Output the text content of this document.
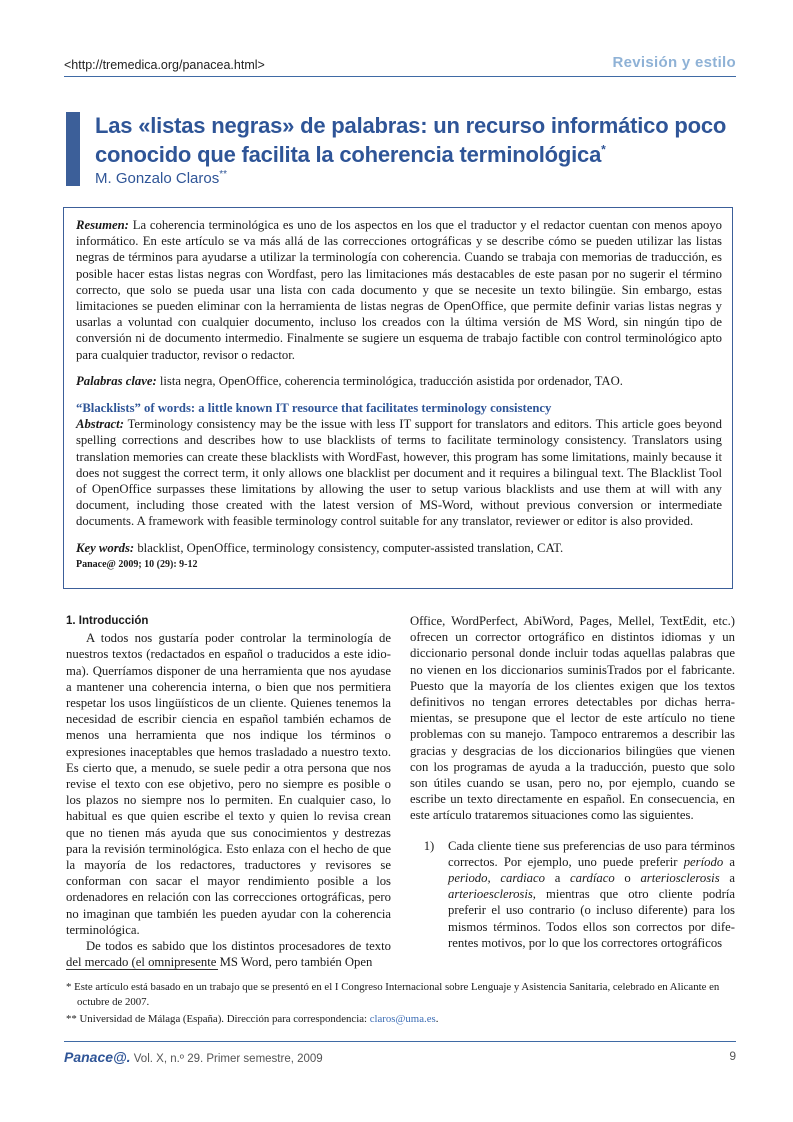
<http://tremedica.org/panacea.html>	Revisión y estilo
Las «listas negras» de palabras: un recurso informático poco conocido que facilita la coherencia terminológica*
M. Gonzalo Claros**

Resumen: La coherencia terminológica es uno de los aspectos en los que el traductor y el redactor cuentan con menos apoyo informático. En este artículo se va más allá de las correcciones ortográficas y se describe cómo se pueden utilizar las listas negras de términos para ayudarse a utilizar la terminología con coherencia. Cuando se trabaja con memorias de traducción, es posible hacer estas listas negras con Wordfast, pero las limitaciones más destacables de este pasan por no sugerir el término correcto, que solo se pueda usar una lista con cada documento y que se necesite un texto bilingüe. Sin embargo, estas limitaciones se pueden eliminar con la herramienta de listas negras de OpenOffice, que permite definir varias listas negras y usarlas a voluntad con cualquier documento, incluso los creados con la última versión de MS Word, sin ningún tipo de conversión ni de documento intermedio. Finalmente se sugiere un esquema de trabajo factible con control terminológico apto para cualquier traductor, revisor o redactor.

Palabras clave: lista negra, OpenOffice, coherencia terminológica, traducción asistida por ordenador, TAO.

“Blacklists” of words: a little known IT resource that facilitates terminology consistency

Abstract: Terminology consistency may be the issue with less IT support for translators and editors. This article goes beyond spelling corrections and describes how to use blacklists of terms to facilitate terminology consistency. Translators using translation memories can create these blacklists with WordFast, however, this program has some limitations, mainly because it does not suggest the correct term, it only allows one blacklist per document and it requires a bilingual text. The Blacklist Tool of OpenOffice surpasses these limitations by allowing the user to setup various blacklists and use them at will with any document, including those created with the latest version of MS-Word, without previous conversion or intermediate documents. A framework with feasible terminology control suitable for any translator, reviewer or editor is also provided.

Key words: blacklist, OpenOffice, terminology consistency, computer-assisted translation, CAT.

Panace@ 2009; 10 (29): 9-12

1. Introducción

A todos nos gustaría poder controlar la terminología de nuestros textos (redactados en español o traducidos a este idioma). Querríamos disponer de una herramienta que nos ayudase a mantener una coherencia interna, o bien que nos permitiera respetar los usos lingüísticos de un cliente. Quienes tenemos la necesidad de escribir ciencia en español también echamos de menos una herramienta que nos indique los términos o expresiones inaceptables que hemos trasladado a nuestro texto. Es cierto que, a menudo, se suele pedir a otra persona que nos revise el texto con ese objetivo, pero no siempre es posible o los plazos no siempre nos lo permiten. En cualquier caso, lo habitual es que quien escribe el texto y quien lo revisa crean que no tienen más ayuda que sus conocimientos y destrezas para la revisión terminológica. Esto enlaza con el hecho de que la mayoría de los redactores, traductores y revisores se conforman con sacar el mayor rendimiento posible a los ordenadores en relación con las correcciones ortográficas, pero no imaginan que también les pueden ayudar con la coherencia terminológica.

De todos es sabido que los distintos procesadores de texto del mercado (el omnipresente MS Word, pero también Open

Office, WordPerfect, AbiWord, Pages, Mellel, TextEdit, etc.) ofrecen un corrector ortográfico en distintos idiomas y un diccionario personal donde incluir todas aquellas palabras que no vienen en los diccionarios suminisTrados por el fabricante. Puesto que la mayoría de los clientes exigen que los textos definitivos no tengan errores detectables por dichas herramientas, se presupone que el lector de este artículo no tiene problemas con su manejo. Tampoco entraremos a describir las gracias y desgracias de los diccionarios bilingües que vienen con los programas de ayuda a la traducción, puesto que solo son útiles cuando se usan, pero no, por ejemplo, cuando se escribe un texto directamente en español. En consecuencia, en este artículo trataremos situaciones como las siguientes.

1)	Cada cliente tiene sus preferencias de uso para términos correctos. Por ejemplo, uno puede preferir período a periodo, cardiaco a cardíaco o arteriosclerosis a arterioesclerosis, mientras que otro cliente podría preferir el uso contrario (o incluso diferente) para los mismos términos. Todos ellos son correctos por diferentes motivos, por lo que los correctores ortográficos

* Este artículo está basado en un trabajo que se presentó en el I Congreso Internacional sobre Lenguaje y Asistencia Sanitaria, celebrado en Alicante en octubre de 2007.

** Universidad de Málaga (España). Dirección para correspondencia: claros@uma.es.

Panace@. Vol. X, n.º 29. Primer semestre, 2009	9
